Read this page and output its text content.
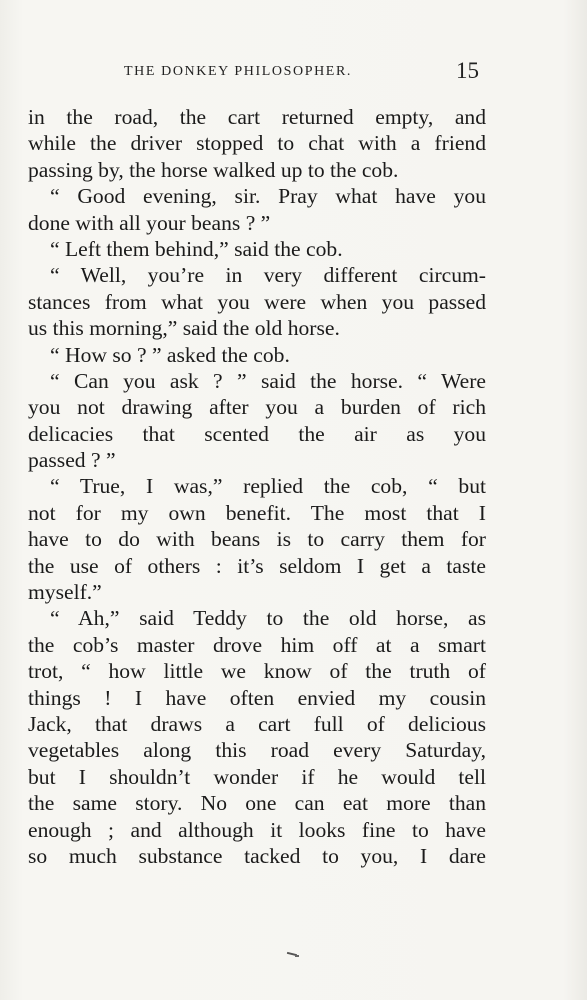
THE DONKEY PHILOSOPHER.	15
in the road, the cart returned empty, and
while the driver stopped to chat with a friend
passing by, the horse walked up to the cob.
“ Good evening, sir. Pray what have you
done with all your beans ? ”
“ Left them behind,” said the cob.
“ Well, you’re in very different circum-
stances from what you were when you passed
us this morning,” said the old horse.
“ How so ? ” asked the cob.
“ Can you ask ? ” said the horse. “ Were
you not drawing after you a burden of rich
delicacies that scented the air as you
passed ? ”
“ True, I was,” replied the cob, “ but
not for my own benefit. The most that I
have to do with beans is to carry them for
the use of others : it’s seldom I get a taste
myself.”
“ Ah,” said Teddy to the old horse, as
the cob’s master drove him off at a smart
trot, “ how little we know of the truth of
things ! I have often envied my cousin
Jack, that draws a cart full of delicious
vegetables along this road every Saturday,
but I shouldn’t wonder if he would tell
the same story. No one can eat more than
enough ; and although it looks fine to have
so much substance tacked to you, I dare
